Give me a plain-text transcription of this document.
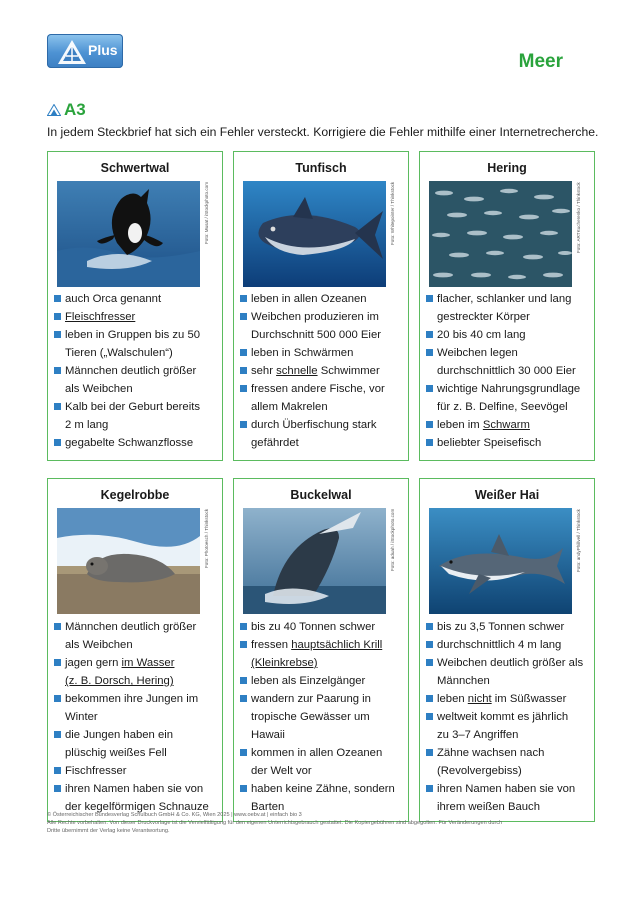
Plus
Meer
A3
In jedem Steckbrief hat sich ein Fehler versteckt. Korrigiere die Fehler mithilfe einer Internetrecherche.
Schwertwal
Foto: Musat / iStockphoto.com
auch Orca genannt
Fleischfresser
leben in Gruppen bis zu 50
Tieren („Walschulen“)
Männchen deutlich größer
als Weibchen
Kalb bei der Geburt bereits
2 m lang
gegabelte Schwanzflosse
Tunfisch
Foto: Whitepointer / Thinkstock
leben in allen Ozeanen
Weibchen produzieren im
Durchschnitt 500 000 Eier
leben in Schwärmen
sehr schnelle Schwimmer
fressen andere Fische, vor
allem Makrelen
durch Überfischung stark
gefährdet
Hering
Foto: ARTKucherenko / Thinkstock
flacher, schlanker und lang
gestreckter Körper
20 bis 40 cm lang
Weibchen legen
durchschnittlich 30 000 Eier
wichtige Nahrungsgrundlage
für z. B. Delfine, Seevögel
leben im Schwarm
beliebter Speisefisch
Kegelrobbe
Foto: Photoesch / Thinkstock
Männchen deutlich größer
als Weibchen
jagen gern im Wasser
(z. B. Dorsch, Hering)
bekommen ihre Jungen im
Winter
die Jungen haben ein
plüschig weißes Fell
Fischfresser
ihren Namen haben sie von
der kegelförmigen Schnauze
Buckelwal
Foto: aduah / iStockphoto.com
bis zu 40 Tonnen schwer
fressen hauptsächlich Krill
(Kleinkrebse)
leben als Einzelgänger
wandern zur Paarung in
tropische Gewässer um
Hawaii
kommen in allen Ozeanen
der Welt vor
haben keine Zähne, sondern
Barten
Weißer Hai
Foto: andyPhillvell / Thinkstock
bis zu 3,5 Tonnen schwer
durchschnittlich 4 m lang
Weibchen deutlich größer als
Männchen
leben nicht im Süßwasser
weltweit kommt es jährlich
zu 3–7 Angriffen
Zähne wachsen nach
(Revolvergebiss)
ihren Namen haben sie von
ihrem weißen Bauch
© Österreichischer Bundesverlag Schulbuch GmbH & Co. KG, Wien 2025 | www.oebv.at | einfach bio 3
Alle Rechte vorbehalten. Von dieser Druckvorlage ist die Vervielfältigung für den eigenen Unterrichtsgebrauch gestattet. Die Kopiergebühren sind abgegolten. Für Veränderungen durch
Dritte übernimmt der Verlag keine Verantwortung.
